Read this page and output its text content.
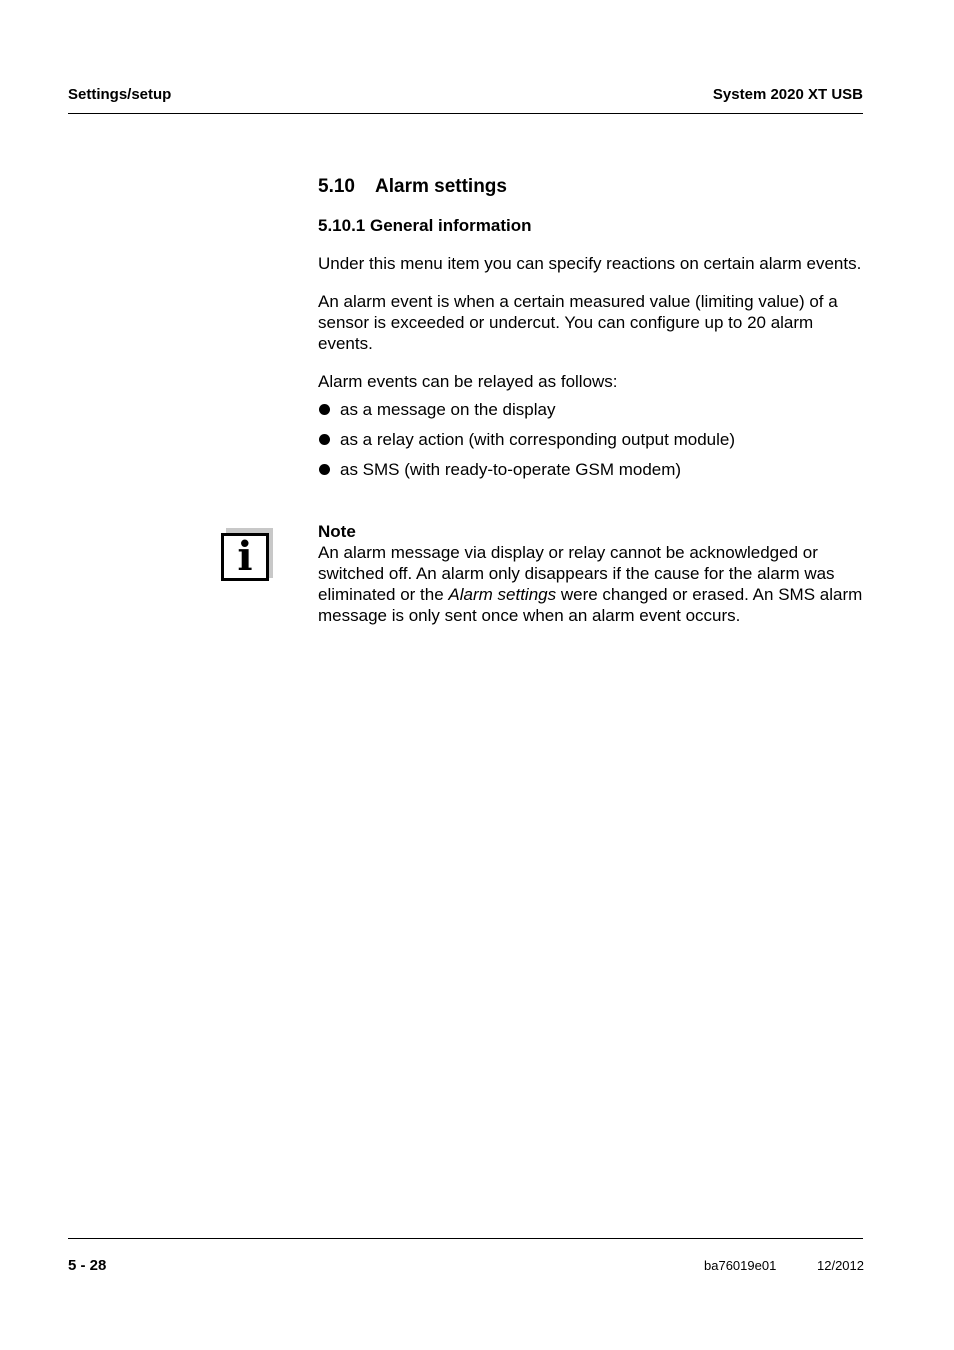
Settings/setup	System 2020 XT USB
5.10 Alarm settings
5.10.1 General information

Under this menu item you can specify reactions on certain alarm events.

An alarm event is when a certain measured value (limiting value) of a sensor is exceeded or undercut. You can configure up to 20 alarm events.

Alarm events can be relayed as follows:

as a message on the display
as a relay action (with corresponding output module)
as SMS (with ready-to-operate GSM modem)
i
Note
An alarm message via display or relay cannot be acknowledged or switched off. An alarm only disappears if the cause for the alarm was eliminated or the Alarm settings were changed or erased. An SMS alarm message is only sent once when an alarm event occurs.
5 - 28	ba76019e01	12/2012
